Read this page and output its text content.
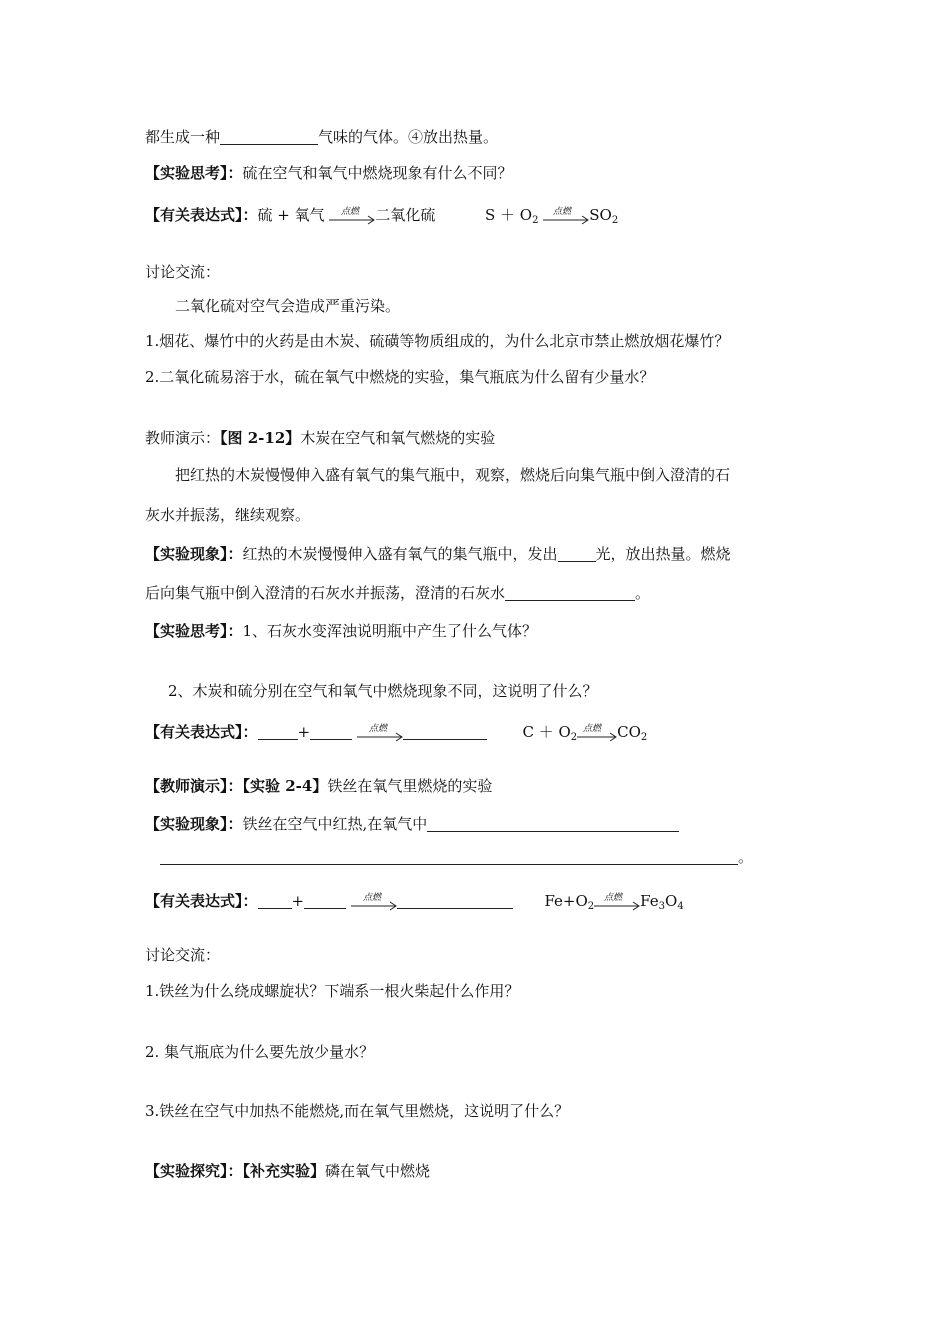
都生成一种	气味的气体。④放出热量。
【实验思考】：硫在空气和氧气中燃烧现象有什么不同？
【有关表达式】：硫 + 氧气 点燃 二氧化硫	$S + O_2$
点燃 $SO_2$
讨论交流：
二氧化硫对空气会造成严重污染。
1.烟花、爆竹中的火药是由木炭、硫磺等物质组成的，为什么北京市禁止燃放烟花爆竹？
2.二氧化硫易溶于水，硫在氧气中燃烧的实验，集气瓶底为什么留有少量水？
教师演示：【图 2-12】木炭在空气和氧气燃烧的实验
把红热的木炭慢慢伸入盛有氧气的集气瓶中，观察，燃烧后向集气瓶中倒入澄清的石
灰水并振荡，继续观察。
【实验现象】：红热的木炭慢慢伸入盛有氧气的集气瓶中，发出	光，放出热量。燃烧
后向集气瓶中倒入澄清的石灰水并振荡，澄清的石灰水	。
【实验思考】：1、石灰水变浑浊说明瓶中产生了什么气体？
2、木炭和硫分别在空气和氧气中燃烧现象不同，这说明了什么？
【有关表达式】：	+	点燃	$C + O_2$
点燃 $CO_2$
【教师演示】：【实验 2-4】铁丝在氧气里燃烧的实验
【实验现象】：铁丝在空气中红热,在氧气中
。
【有关表达式】： +	点燃	$Fe+O_2$
点燃 $Fe_3O_4$
讨论交流：
1.铁丝为什么绕成螺旋状？下端系一根火柴起什么作用？
2. 集气瓶底为什么要先放少量水？
3.铁丝在空气中加热不能燃烧,而在氧气里燃烧，这说明了什么？
【实验探究】：【补充实验】磷在氧气中燃烧
